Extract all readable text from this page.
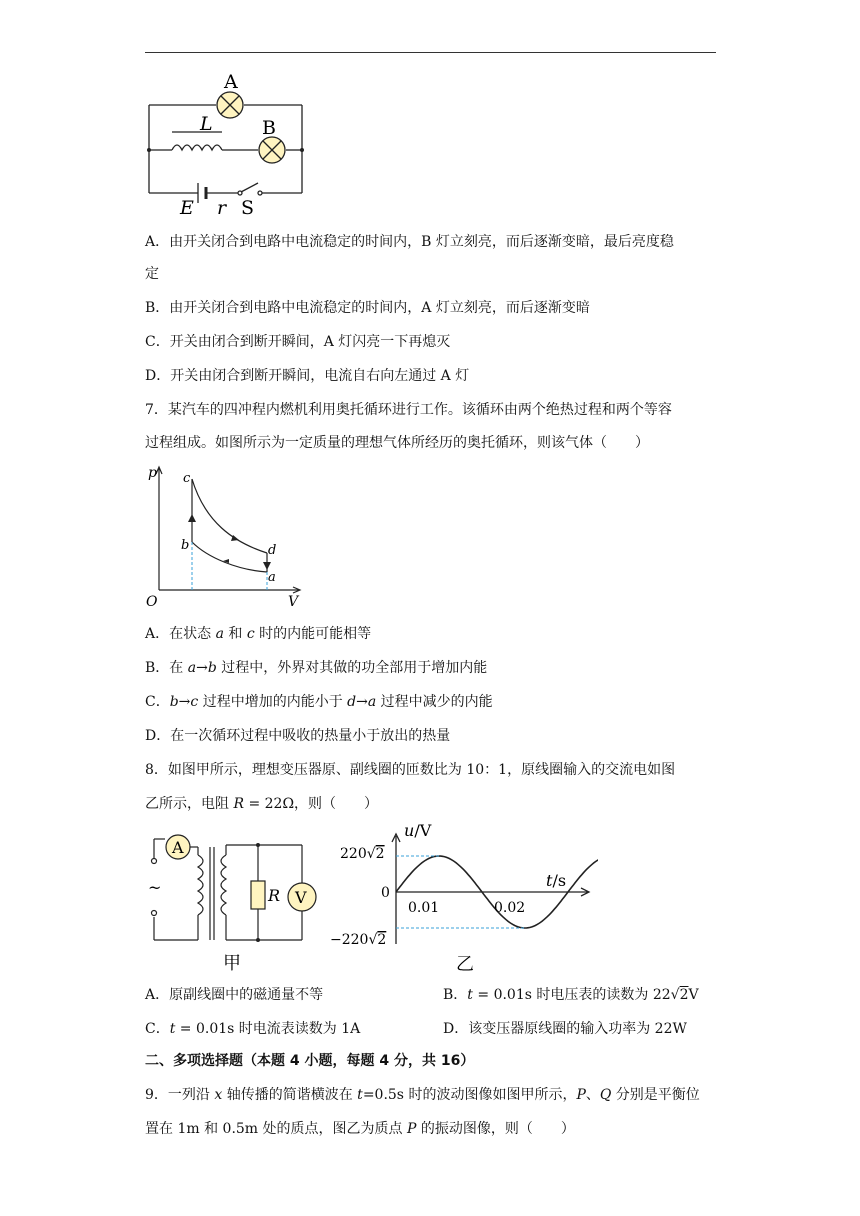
A
B
L
E r S
A．由开关闭合到电路中电流稳定的时间内，B 灯立刻亮，而后逐渐变暗，最后亮度稳
定
B．由开关闭合到电路中电流稳定的时间内，A 灯立刻亮，而后逐渐变暗
C．开关由闭合到断开瞬间，A 灯闪亮一下再熄灭
D．开关由闭合到断开瞬间，电流自右向左通过 A 灯
7．某汽车的四冲程内燃机利用奥托循环进行工作。该循环由两个绝热过程和两个等容
过程组成。如图所示为一定质量的理想气体所经历的奥托循环，则该气体（　　）
p
V
O
c
b	d
a
A．在状态 a 和 c 时的内能可能相等
B．在 a→b 过程中，外界对其做的功全部用于增加内能
C．b→c 过程中增加的内能小于 d→a 过程中减少的内能
D．在一次循环过程中吸收的热量小于放出的热量
8．如图甲所示，理想变压器原、副线圈的匝数比为 10：1，原线圈输入的交流电如图
乙所示，电阻 R = 22Ω，则（　　）
A
V
R
~
甲
u/V
t/s
220√2
0
−220√2
0.01	0.02
乙
A．原副线圈中的磁通量不等	B．t = 0.01s 时电压表的读数为 22√2V
C．t = 0.01s 时电流表读数为 1A	D．该变压器原线圈的输入功率为 22W
二、多项选择题（本题 4 小题，每题 4 分，共 16）
9．一列沿 x 轴传播的简谐横波在 t=0.5s 时的波动图像如图甲所示，P、Q 分别是平衡位
置在 1m 和 0.5m 处的质点，图乙为质点 P 的振动图像，则（　　）
